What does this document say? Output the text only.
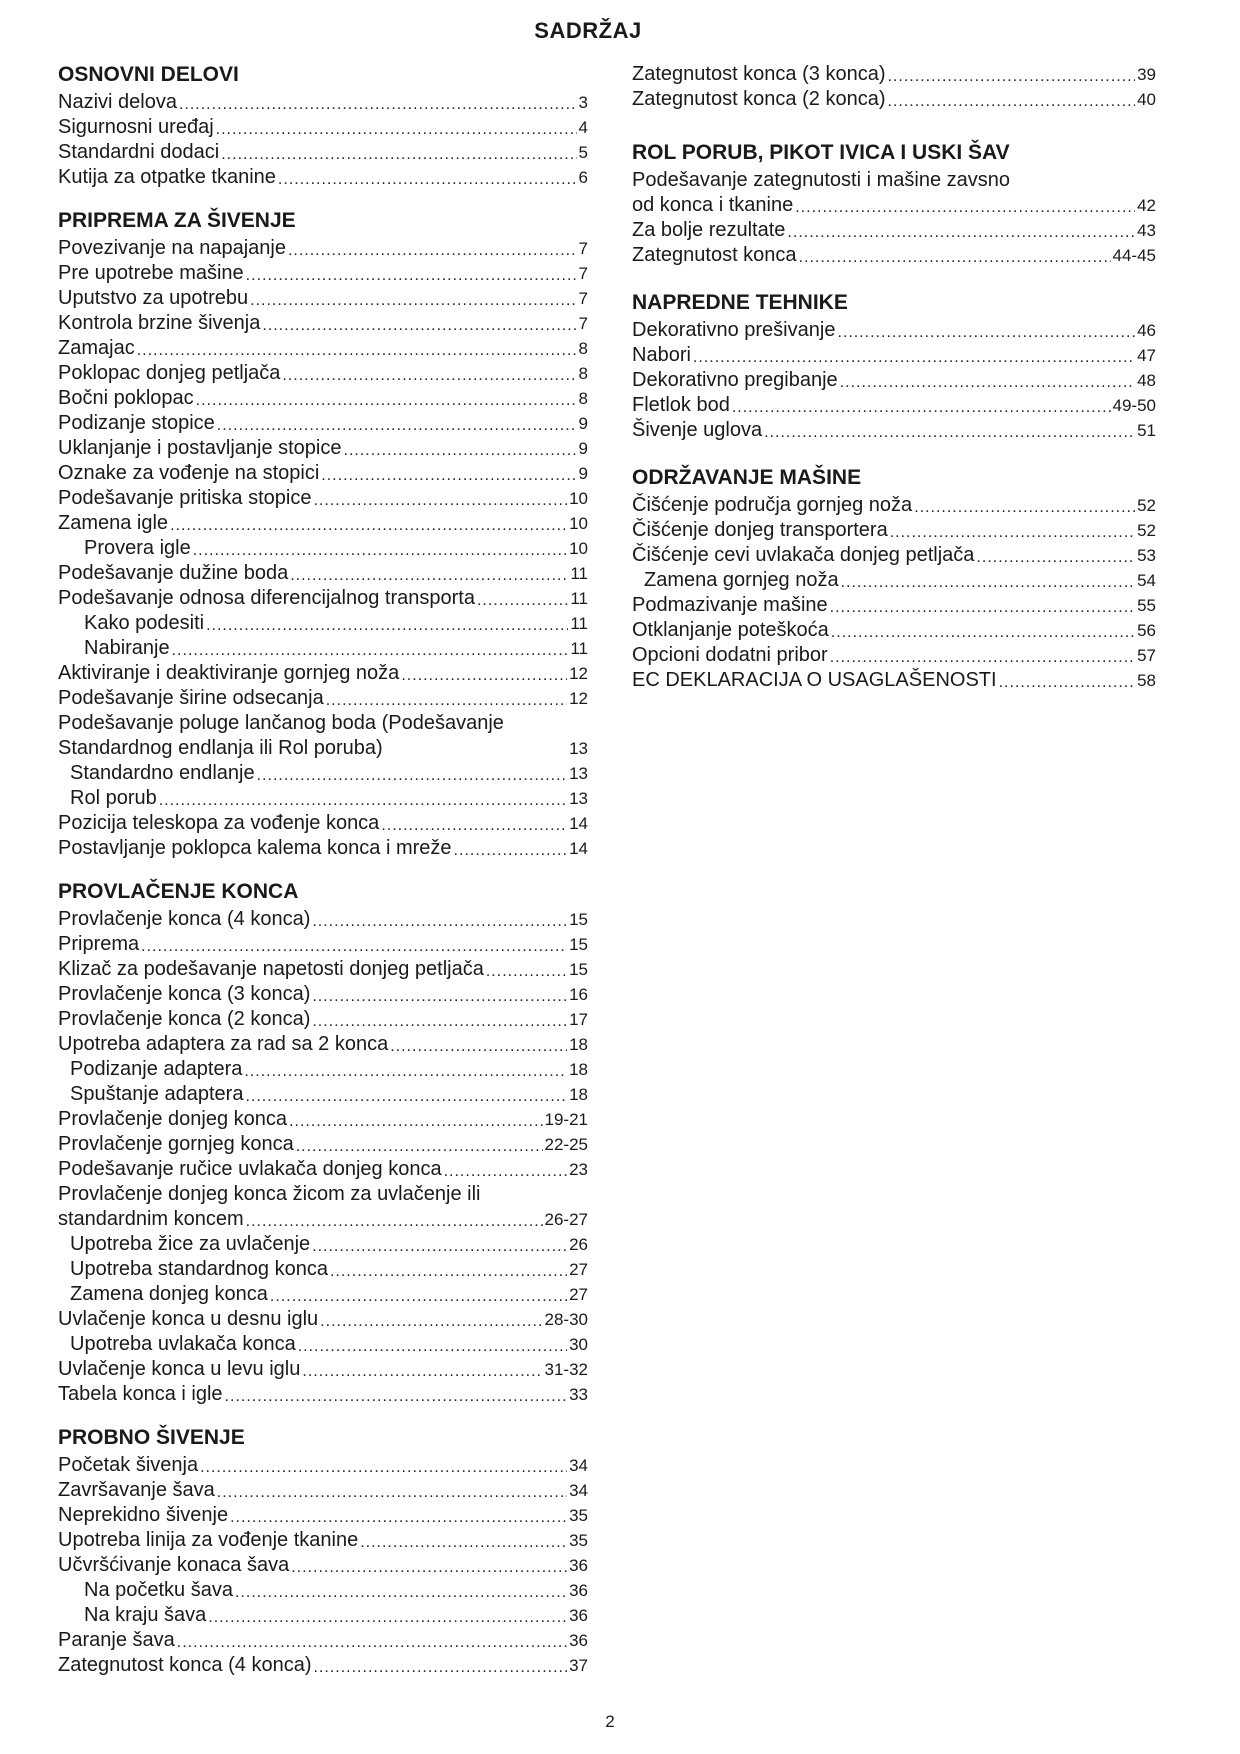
SADRŽAJ
OSNOVNI DELOVI
Nazivi delova .....	3
Sigurnosni uređaj .....	4
Standardni dodaci .....	5
Kutija za otpatke tkanine .....	6
PRIPREMA ZA ŠIVENJE
Povezivanje na napajanje .....	7
Pre upotrebe mašine .....	7
Uputstvo za upotrebu .....	7
Kontrola brzine šivenja .....	7
Zamajac .....	8
Poklopac donjeg petljača .....	8
Bočni poklopac .....	8
Podizanje stopice .....	9
Uklanjanje i postavljanje stopice .....	9
Oznake za vođenje na stopici .....	9
Podešavanje pritiska stopice .....	10
Zamena igle .....	10
Provera igle .....	10
Podešavanje dužine boda .....	11
Podešavanje odnosa diferencijalnog transporta .....	11
Kako podesiti .....	11
Nabiranje .....	11
Aktiviranje i deaktiviranje gornjeg noža .....	12
Podešavanje širine odsecanja .....	12
Podešavanje poluge lančanog boda (Podešavanje
Standardnog endlanja ili Rol poruba)	13
Standardno endlanje .....	13
Rol porub .....	13
Pozicija teleskopa za vođenje konca .....	14
Postavljanje poklopca kalema konca i mreže .....	14
PROVLAČENJE KONCA
Provlačenje konca (4 konca) .....	15
Priprema .....	15
Klizač za podešavanje napetosti donjeg petljača .....	15
Provlačenje konca (3 konca) .....	16
Provlačenje konca (2 konca) .....	17
Upotreba adaptera za rad sa 2 konca .....	18
Podizanje adaptera .....	18
Spuštanje adaptera .....	18
Provlačenje donjeg konca .....	19-21
Provlačenje gornjeg konca .....	22-25
Podešavanje ručice uvlakača donjeg konca .....	23
Provlačenje donjeg konca žicom za uvlačenje ili
standardnim koncem .....	26-27
Upotreba žice za uvlačenje .....	26
Upotreba standardnog konca .....	27
Zamena donjeg konca .....	27
Uvlačenje konca u desnu iglu .....	28-30
Upotreba uvlakača konca .....	30
Uvlačenje konca u levu iglu .....	31-32
Tabela konca i igle .....	33
PROBNO ŠIVENJE
Početak šivenja .....	34
Završavanje šava .....	34
Neprekidno šivenje .....	35
Upotreba linija za vođenje tkanine .....	35
Učvršćivanje konaca šava .....	36
Na početku šava .....	36
Na kraju šava .....	36
Paranje šava .....	36
Zategnutost konca (4 konca) .....	37
Zategnutost konca (3 konca) .....	39
Zategnutost konca (2 konca) .....	40
ROL PORUB, PIKOT IVICA I USKI ŠAV
Podešavanje zategnutosti i mašine zavsno
od konca i tkanine .....	42
Za bolje rezultate .....	43
Zategnutost konca .....	44-45
NAPREDNE TEHNIKE
Dekorativno prešivanje .....	46
Nabori .....	47
Dekorativno pregibanje .....	48
Fletlok bod .....	49-50
Šivenje uglova .....	51
ODRŽAVANJE MAŠINE
Čišćenje područja gornjeg noža .....	52
Čišćenje donjeg transportera .....	52
Čišćenje cevi uvlakača donjeg petljača .....	53
Zamena gornjeg noža .....	54
Podmazivanje mašine .....	55
Otklanjanje poteškoća .....	56
Opcioni dodatni pribor .....	57
EC DEKLARACIJA O USAGLAŠENOSTI .....	58
2
